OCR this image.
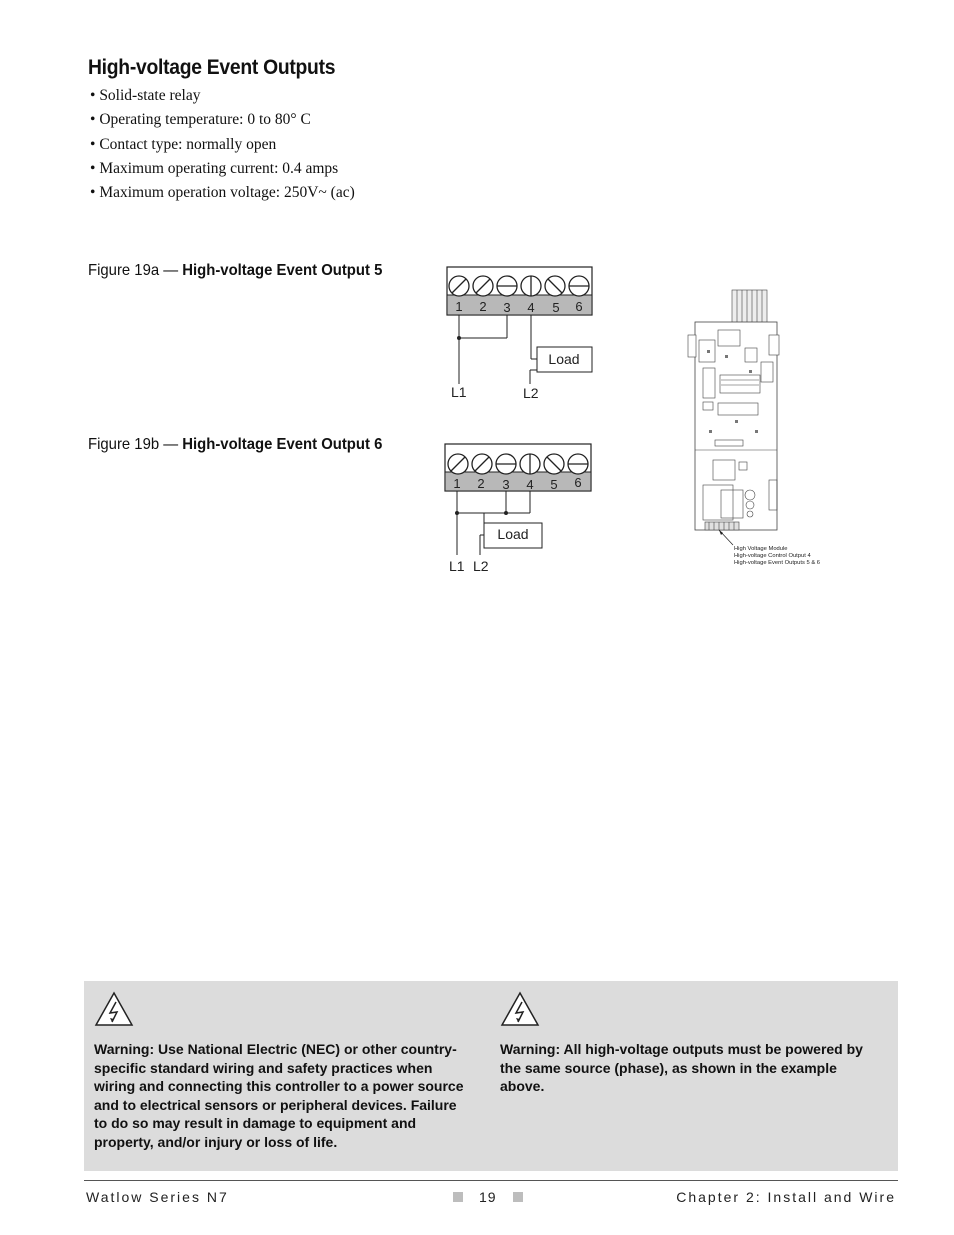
High-voltage Event Outputs
• Solid-state relay
• Operating temperature: 0 to 80° C
• Contact type: normally open
• Maximum operating current: 0.4 amps
• Maximum operation voltage: 250V~ (ac)

Figure 19a — High-voltage Event Output 5

1 2 3 4 5 6
Load
L1	L2

Figure 19b — High-voltage Event Output 6

1 2 3 4 5 6
Load
L1 L2
High Voltage Module
High-voltage Control Output 4
High-voltage Event Outputs 5 & 6

Warning: Use National Electric (NEC) or other country-specific standard wiring and safety practices when wiring and connecting this controller to a power source and to electrical sensors or peripheral devices. Failure to do so may result in damage to equipment and property, and/or injury or loss of life.

Warning: All high-voltage outputs must be powered by the same source (phase), as shown in the example above.

Watlow Series N7	19	Chapter 2: Install and Wire
